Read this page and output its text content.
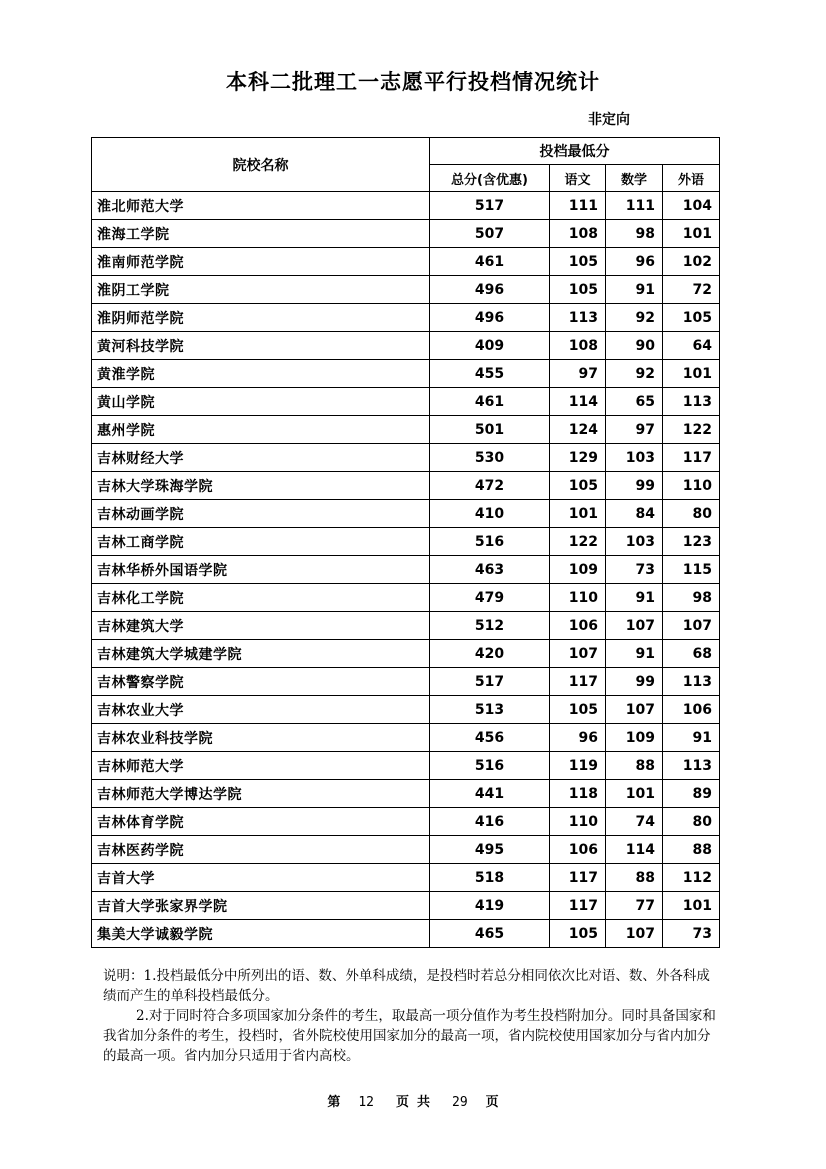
本科二批理工一志愿平行投档情况统计
非定向
院校名称	投档最低分			
	总分(含优惠)	语文	数学	外语
淮北师范大学	517	111	111	104
淮海工学院	507	108	98	101
淮南师范学院	461	105	96	102
淮阴工学院	496	105	91	72
淮阴师范学院	496	113	92	105
黄河科技学院	409	108	90	64
黄淮学院	455	97	92	101
黄山学院	461	114	65	113
惠州学院	501	124	97	122
吉林财经大学	530	129	103	117
吉林大学珠海学院	472	105	99	110
吉林动画学院	410	101	84	80
吉林工商学院	516	122	103	123
吉林华桥外国语学院	463	109	73	115
吉林化工学院	479	110	91	98
吉林建筑大学	512	106	107	107
吉林建筑大学城建学院	420	107	91	68
吉林警察学院	517	117	99	113
吉林农业大学	513	105	107	106
吉林农业科技学院	456	96	109	91
吉林师范大学	516	119	88	113
吉林师范大学博达学院	441	118	101	89
吉林体育学院	416	110	74	80
吉林医药学院	495	106	114	88
吉首大学	518	117	88	112
吉首大学张家界学院	419	117	77	101
集美大学诚毅学院	465	105	107	73

说明：1.投档最低分中所列出的语、数、外单科成绩，是投档时若总分相同依次比对语、数、外各科成绩而产生的单科投档最低分。

2.对于同时符合多项国家加分条件的考生，取最高一项分值作为考生投档附加分。同时具备国家和我省加分条件的考生，投档时，省外院校使用国家加分的最高一项，省内院校使用国家加分与省内加分的最高一项。省内加分只适用于省内高校。

第 12 页 共 29 页
